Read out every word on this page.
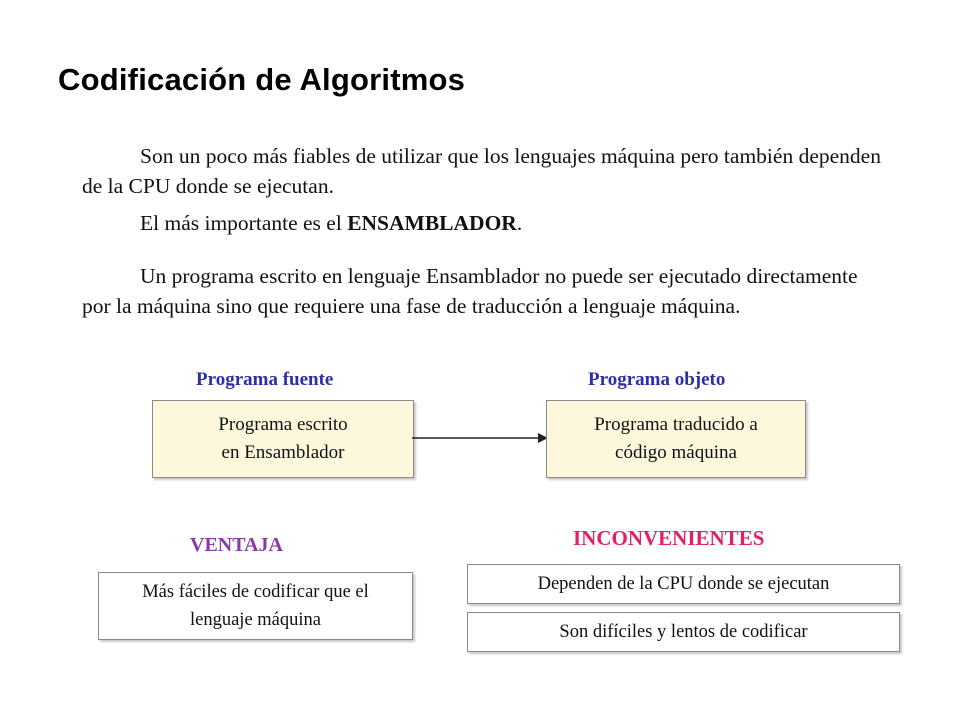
Codificación de Algoritmos

Son un poco más fiables de utilizar que los lenguajes máquina pero también dependen de la CPU donde se ejecutan.

El más importante es el ENSAMBLADOR.

Un programa escrito en lenguaje Ensamblador no puede ser ejecutado directamente por la máquina sino que requiere una fase de traducción a lenguaje máquina.

Programa fuente

Programa escrito
en Ensamblador

Programa objeto

Programa traducido a
código máquina

VENTAJA

Más fáciles de codificar que el
lenguaje máquina

INCONVENIENTES

Dependen de la CPU donde se ejecutan
Son difíciles y lentos de codificar
